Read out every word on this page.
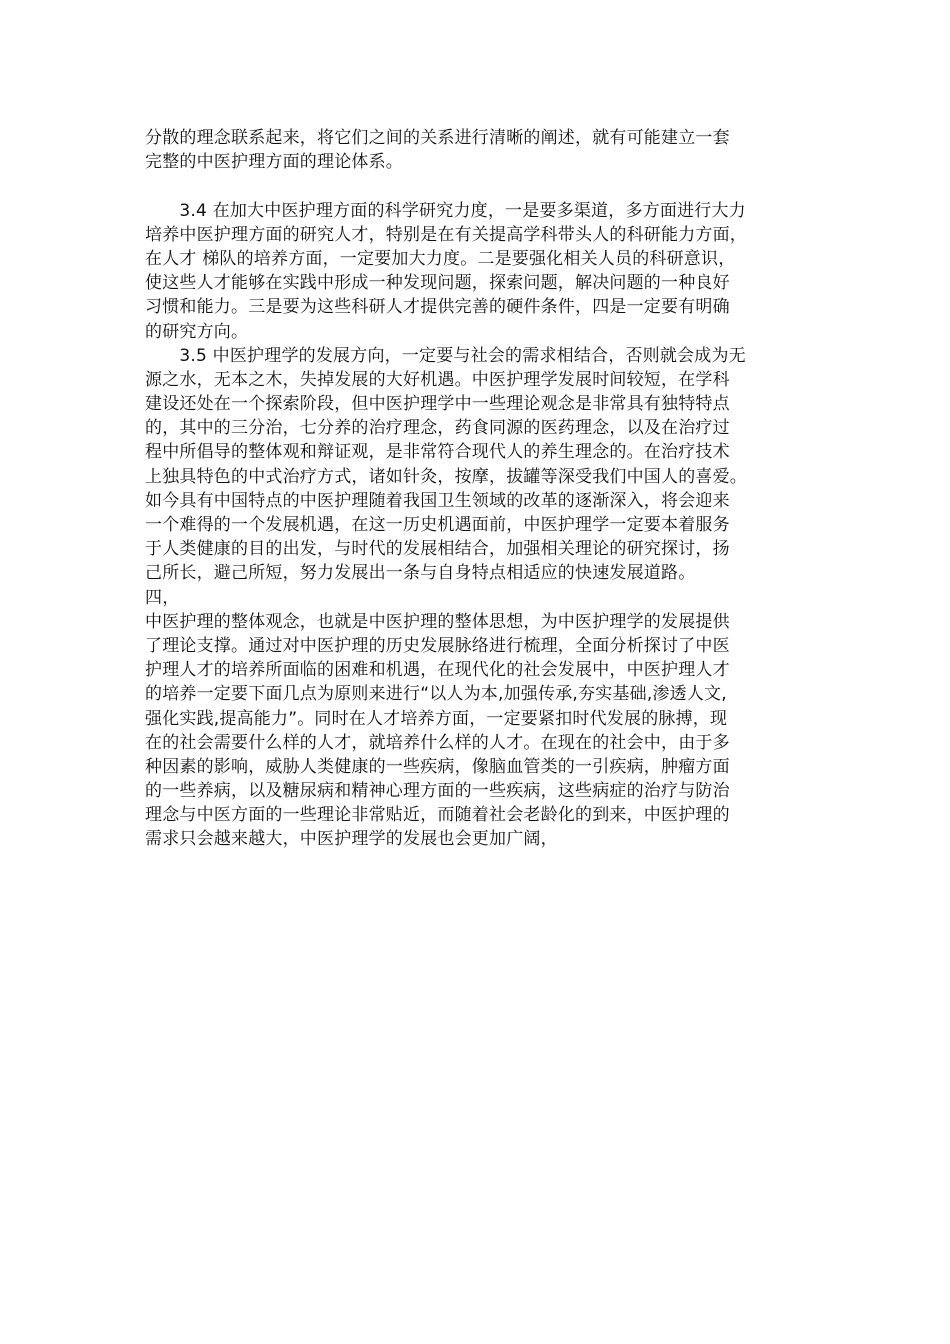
分散的理念联系起来，将它们之间的关系进行清晰的阐述，就有可能建立一套
完整的中医护理方面的理论体系。
　　3.4 在加大中医护理方面的科学研究力度，一是要多渠道，多方面进行大力
培养中医护理方面的研究人才，特别是在有关提高学科带头人的科研能力方面，
在人才 梯队的培养方面，一定要加大力度。二是要强化相关人员的科研意识，
使这些人才能够在实践中形成一种发现问题，探索问题，解决问题的一种良好
习惯和能力。三是要为这些科研人才提供完善的硬件条件，四是一定要有明确
的研究方向。
　　3.5 中医护理学的发展方向，一定要与社会的需求相结合，否则就会成为无
源之水，无本之木，失掉发展的大好机遇。中医护理学发展时间较短，在学科
建设还处在一个探索阶段，但中医护理学中一些理论观念是非常具有独特特点
的，其中的三分治，七分养的治疗理念，药食同源的医药理念，以及在治疗过
程中所倡导的整体观和辩证观，是非常符合现代人的养生理念的。在治疗技术
上独具特色的中式治疗方式，诸如针灸，按摩，拔罐等深受我们中国人的喜爱。
如今具有中国特点的中医护理随着我国卫生领域的改革的逐渐深入，将会迎来
一个难得的一个发展机遇，在这一历史机遇面前，中医护理学一定要本着服务
于人类健康的目的出发，与时代的发展相结合，加强相关理论的研究探讨，扬
己所长，避己所短，努力发展出一条与自身特点相适应的快速发展道路。
四，
中医护理的整体观念，也就是中医护理的整体思想，为中医护理学的发展提供
了理论支撑。通过对中医护理的历史发展脉络进行梳理，全面分析探讨了中医
护理人才的培养所面临的困难和机遇，在现代化的社会发展中，中医护理人才
的培养一定要下面几点为原则来进行“以人为本,加强传承,夯实基础,渗透人文,
强化实践,提高能力”。同时在人才培养方面，一定要紧扣时代发展的脉搏，现
在的社会需要什么样的人才，就培养什么样的人才。在现在的社会中，由于多
种因素的影响，威胁人类健康的一些疾病，像脑血管类的一引疾病，肿瘤方面
的一些养病，以及糖尿病和精神心理方面的一些疾病，这些病症的治疗与防治
理念与中医方面的一些理论非常贴近，而随着社会老龄化的到来，中医护理的
需求只会越来越大，中医护理学的发展也会更加广阔，
